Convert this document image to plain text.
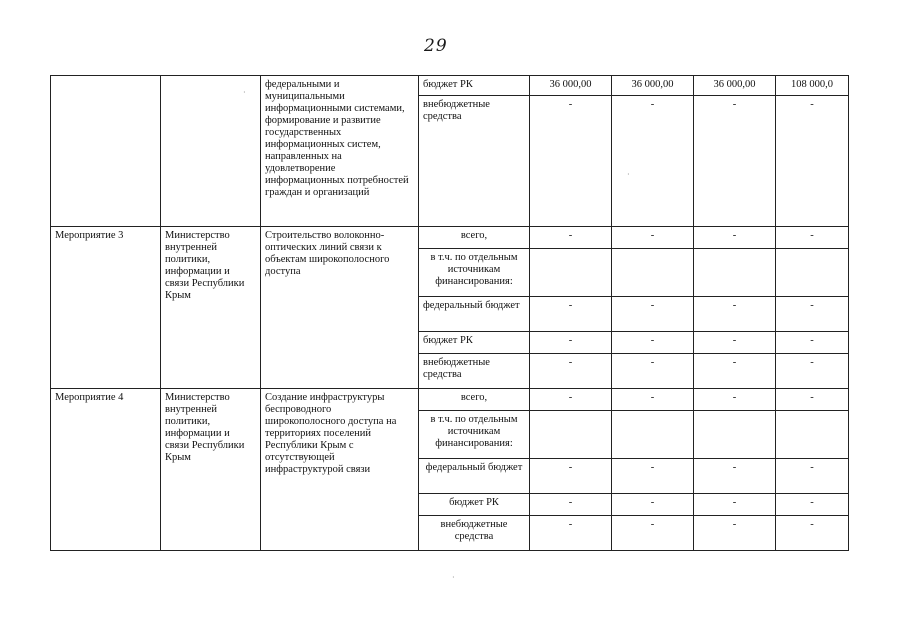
29
		федеральными и муниципальными информационными системами, формирование и развитие государственных информационных систем, направленных на удовлетворение информационных потребностей граждан и организаций	бюджет РК	36 000,00	36 000,00	36 000,00	108 000,0
			внебюджетные средства	-	-	-	-
Мероприятие 3	Министерство внутренней политики, информации и связи Республики Крым	Строительство волоконно-оптических линий связи к объектам широкополосного доступа	всего,	-	-	-	-
			в т.ч. по отдельным источникам финансирования:				
			федеральный бюджет	-	-	-	-
			бюджет РК	-	-	-	-
			внебюджетные средства	-	-	-	-
Мероприятие 4	Министерство внутренней политики, информации и связи Республики Крым	Создание инфраструктуры беспроводного широкополосного доступа на территориях поселений Республики Крым с отсутствующей инфраструктурой связи	всего,	-	-	-	-
			в т.ч. по отдельным источникам финансирования:				
			федеральный бюджет	-	-	-	-
			бюджет РК	-	-	-	-
			внебюджетные средства	-	-	-	-
·
·
·
